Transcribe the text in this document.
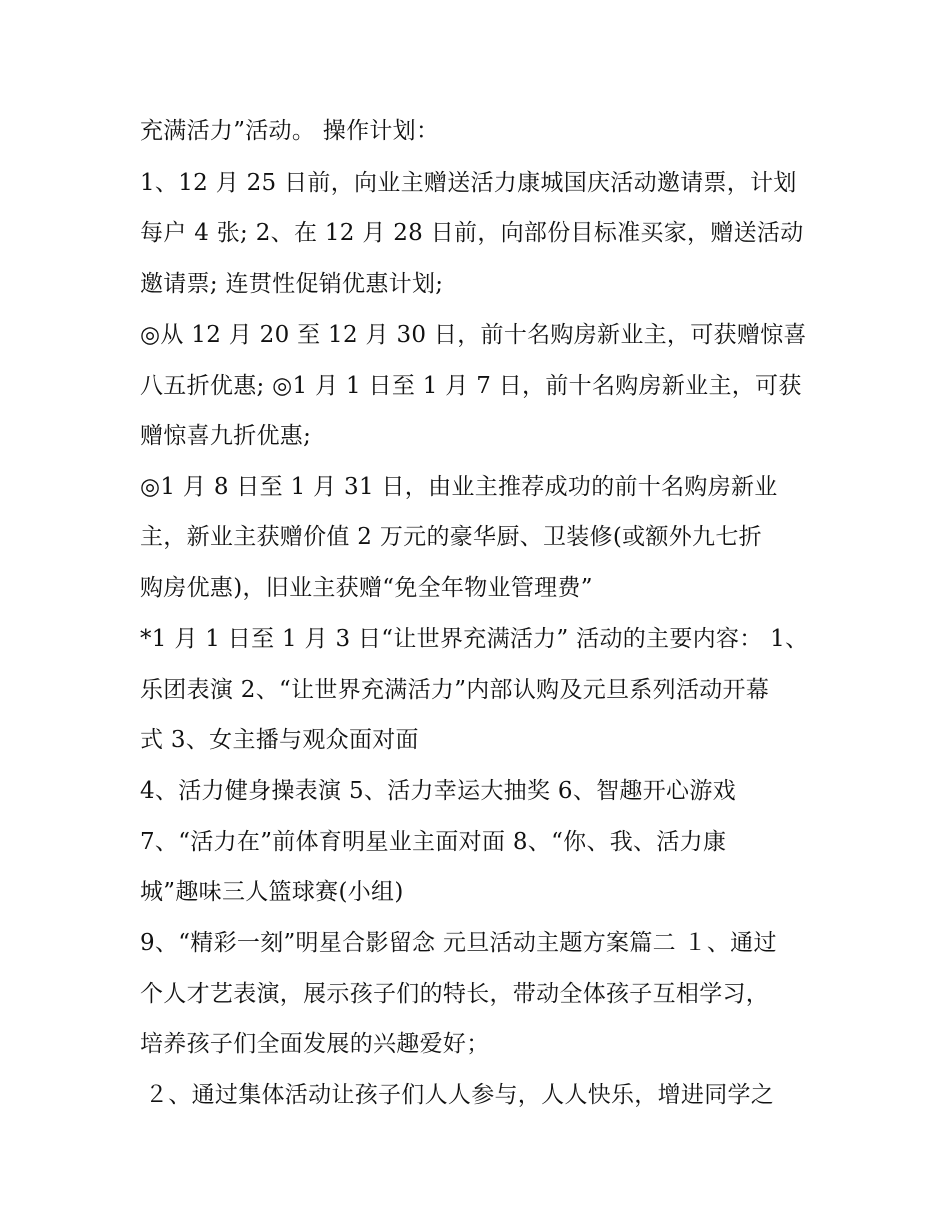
充满活力”活动。 操作计划：
1、12 月 25 日前，向业主赠送活力康城国庆活动邀请票，计划
每户 4 张; 2、在 12 月 28 日前，向部份目标准买家，赠送活动
邀请票; 连贯性促销优惠计划;
◎从 12 月 20 至 12 月 30 日，前十名购房新业主，可获赠惊喜
八五折优惠; ◎1 月 1 日至 1 月 7 日，前十名购房新业主，可获
赠惊喜九折优惠;
◎1 月 8 日至 1 月 31 日，由业主推荐成功的前十名购房新业
主，新业主获赠价值 2 万元的豪华厨、卫装修(或额外九七折
购房优惠)，旧业主获赠“免全年物业管理费”
*1 月 1 日至 1 月 3 日“让世界充满活力” 活动的主要内容： 1、
乐团表演 2、“让世界充满活力”内部认购及元旦系列活动开幕
式 3、女主播与观众面对面
4、活力健身操表演 5、活力幸运大抽奖 6、智趣开心游戏
7、“活力在”前体育明星业主面对面 8、“你、我、活力康
城”趣味三人篮球赛(小组)
9、“精彩一刻”明星合影留念 元旦活动主题方案篇二 １、通过
个人才艺表演，展示孩子们的特长，带动全体孩子互相学习，
培养孩子们全面发展的兴趣爱好；
２、通过集体活动让孩子们人人参与，人人快乐，增进同学之
